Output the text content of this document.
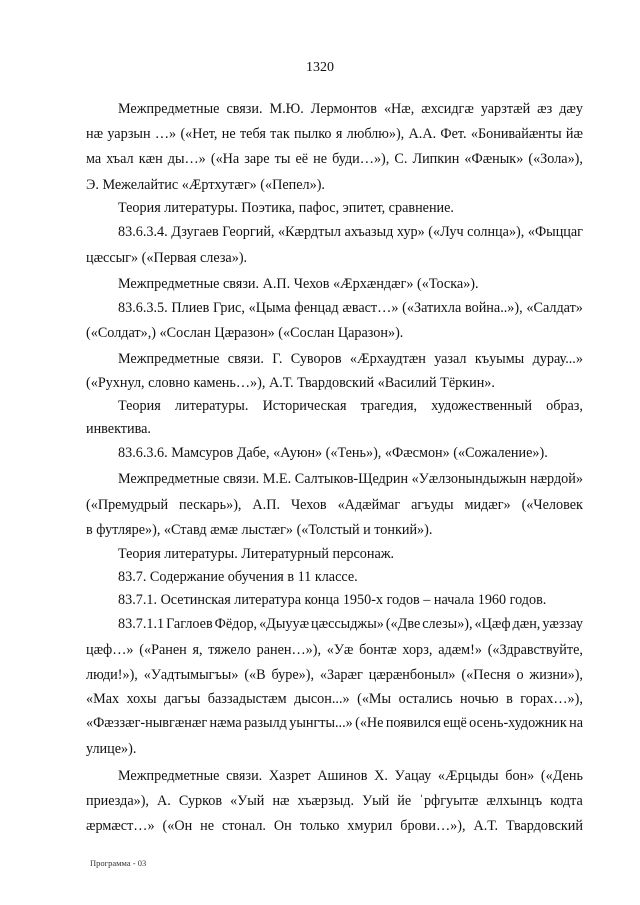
1320
Межпредметные связи. М.Ю. Лермонтов «Нæ, æхсидгæ уарзтæй æз дæу
нæ уарзын …» («Нет, не тебя так пылко я люблю»), А.А. Фет. «Бонивайæнты йæ
ма хъал кæн ды…» («На заре ты её не буди…»), С. Липкин «Фæнык» («Зола»),
Э. Межелайтис «Æртхутæг» («Пепел»).
Теория литературы. Поэтика, пафос, эпитет, сравнение.
83.6.3.4. Дзугаев Георгий, «Кæрдтыл ахъазыд хур» («Луч солнца»), «Фыццаг
цæссыг» («Первая слеза»).
Межпредметные связи. А.П. Чехов «Æрхæндæг» («Тоска»).
83.6.3.5. Плиев Грис, «Цыма фенцад æваст…» («Затихла война..»), «Салдат»
(«Солдат»,) «Сослан Цæразон» («Сослан Царазон»).
Межпредметные связи. Г. Суворов «Æрхаудтæн уазал къуымы дурау...»
(«Рухнул, словно камень…»), А.Т. Твардовский «Василий Тёркин».
Теория литературы. Историческая трагедия, художественный образ,
инвектива.
83.6.3.6. Мамсуров Дабе, «Ауюн» («Тень»), «Фæсмон» («Сожаление»).
Межпредметные связи. М.Е. Салтыков-Щедрин «Уæлзонындыжын нæрдой»
(«Премудрый пескарь»), А.П. Чехов «Адæймаг агъуды мидæг» («Человек
в футляре»), «Ставд æмæ лыстæг» («Толстый и тонкий»).
Теория литературы. Литературный персонаж.
83.7. Содержание обучения в 11 классе.
83.7.1. Осетинская литература конца 1950-х годов – начала 1960 годов.
83.7.1.1 Гаглоев Фёдор, «Дыууæ цæссыджы» («Две слезы»), «Цæф дæн, уæззау
цæф…» («Ранен я, тяжело ранен…»), «Уæ бонтæ хорз, адæм!» («Здравствуйте,
люди!»), «Уадтымыгъы» («В буре»), «Зарæг цæрæнбоныл» («Песня о жизни»),
«Мах хохы дагъы баззадыстæм дысон...» («Мы остались ночью в горах…»),
«Фæззæг-нывгæнæг нæма разылд уынгты...» («Не появился ещё осень-художник на
улице»).
Межпредметные связи. Хазрет Ашинов Х. Уацау «Æрцыды бон» («День
приезда»), А. Сурков «Уый нæ хъæрзыд. Уый йе ˈрфгуытæ æлхынцъ кодта
æрмæст…» («Он не стонал. Он только хмурил брови…»), А.Т. Твардовский
Программа - 03
